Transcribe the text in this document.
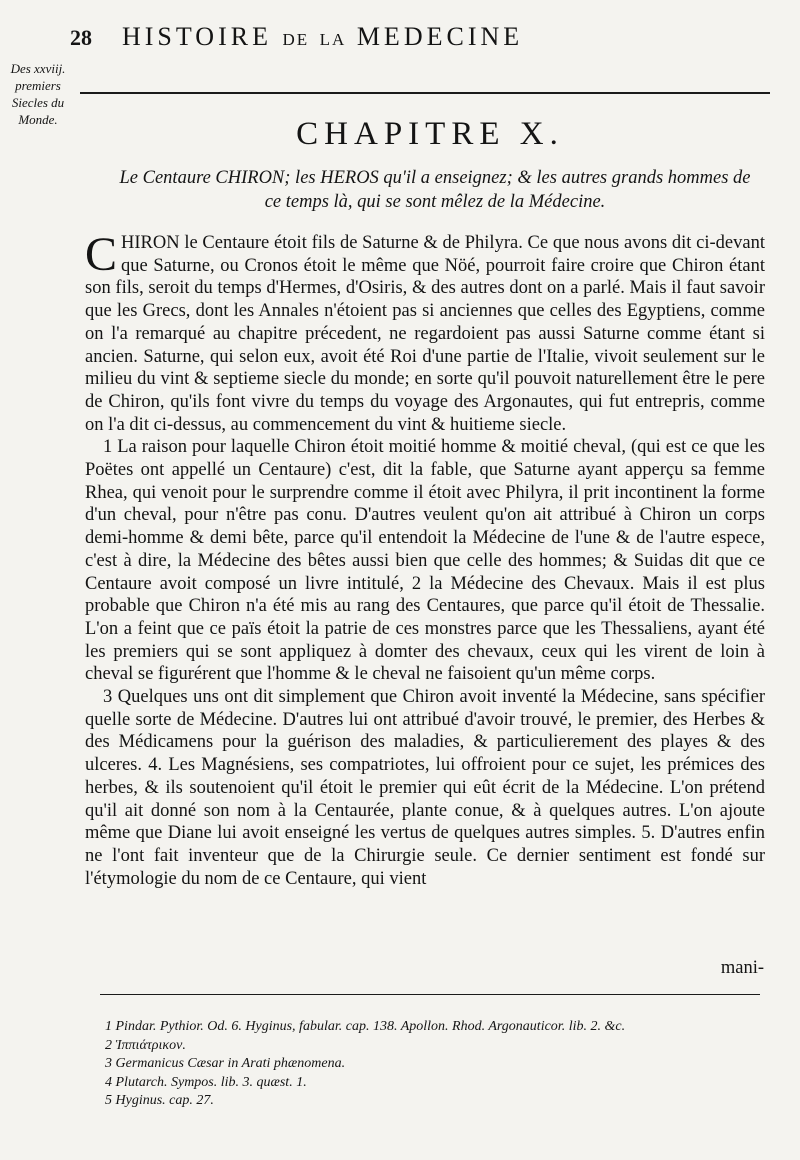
28 HISTOIRE DE LA MEDECINE
Des xxviij. premiers Siecles du Monde.	CHAPITRE X.
Le Centaure CHIRON; les HEROS qu'il a enseignez; & les autres grands hommes de ce temps là, qui se sont mêlez de la Médecine.

C HIRON le Centaure étoit fils de Saturne & de Philyra. Ce que nous avons dit ci-devant que Saturne, ou Cronos étoit le même que Nöé, pourroit faire croire que Chiron étant son fils, seroit du temps d'Hermes, d'Osiris, & des autres dont on a parlé. Mais il faut savoir que les Grecs, dont les Annales n'étoient pas si anciennes que celles des Egyptiens, comme on l'a remarqué au chapitre précedent, ne regardoient pas aussi Saturne comme étant si ancien. Saturne, qui selon eux, avoit été Roi d'une partie de l'Italie, vivoit seulement sur le milieu du vint & septieme siecle du monde; en sorte qu'il pouvoit naturellement être le pere de Chiron, qu'ils font vivre du temps du voyage des Argonautes, qui fut entrepris, comme on l'a dit ci-dessus, au commencement du vint & huitieme siecle.

1 La raison pour laquelle Chiron étoit moitié homme & moitié cheval, (qui est ce que les Poëtes ont appellé un Centaure) c'est, dit la fable, que Saturne ayant apperçu sa femme Rhea, qui venoit pour le surprendre comme il étoit avec Philyra, il prit incontinent la forme d'un cheval, pour n'être pas conu. D'autres veulent qu'on ait attribué à Chiron un corps demi-homme & demi bête, parce qu'il entendoit la Médecine de l'une & de l'autre espece, c'est à dire, la Médecine des bêtes aussi bien que celle des hommes; & Suidas dit que ce Centaure avoit composé un livre intitulé, 2 la Médecine des Chevaux. Mais il est plus probable que Chiron n'a été mis au rang des Centaures, que parce qu'il étoit de Thessalie. L'on a feint que ce païs étoit la patrie de ces monstres parce que les Thessaliens, ayant été les premiers qui se sont appliquez à domter des chevaux, ceux qui les virent de loin à cheval se figurérent que l'homme & le cheval ne faisoient qu'un même corps.

3 Quelques uns ont dit simplement que Chiron avoit inventé la Médecine, sans spécifier quelle sorte de Médecine. D'autres lui ont attribué d'avoir trouvé, le premier, des Herbes & des Médicamens pour la guérison des maladies, & particulierement des playes & des ulceres. 4. Les Magnésiens, ses compatriotes, lui offroient pour ce sujet, les prémices des herbes, & ils soutenoient qu'il étoit le premier qui eût écrit de la Médecine. L'on prétend qu'il ait donné son nom à la Centaurée, plante conue, & à quelques autres. L'on ajoute même que Diane lui avoit enseigné les vertus de quelques autres simples. 5. D'autres enfin ne l'ont fait inventeur que de la Chirurgie seule. Ce dernier sentiment est fondé sur l'étymologie du nom de ce Centaure, qui vient

mani-
1 Pindar. Pythior. Od. 6. Hyginus, fabular. cap. 138. Apollon. Rhod. Argonauticor. lib. 2. &c.
2 Ἱππιάτρικον.
3 Germanicus Cæsar in Arati phænomena.
4 Plutarch. Sympos. lib. 3. quæst. 1.
5 Hyginus. cap. 27.
